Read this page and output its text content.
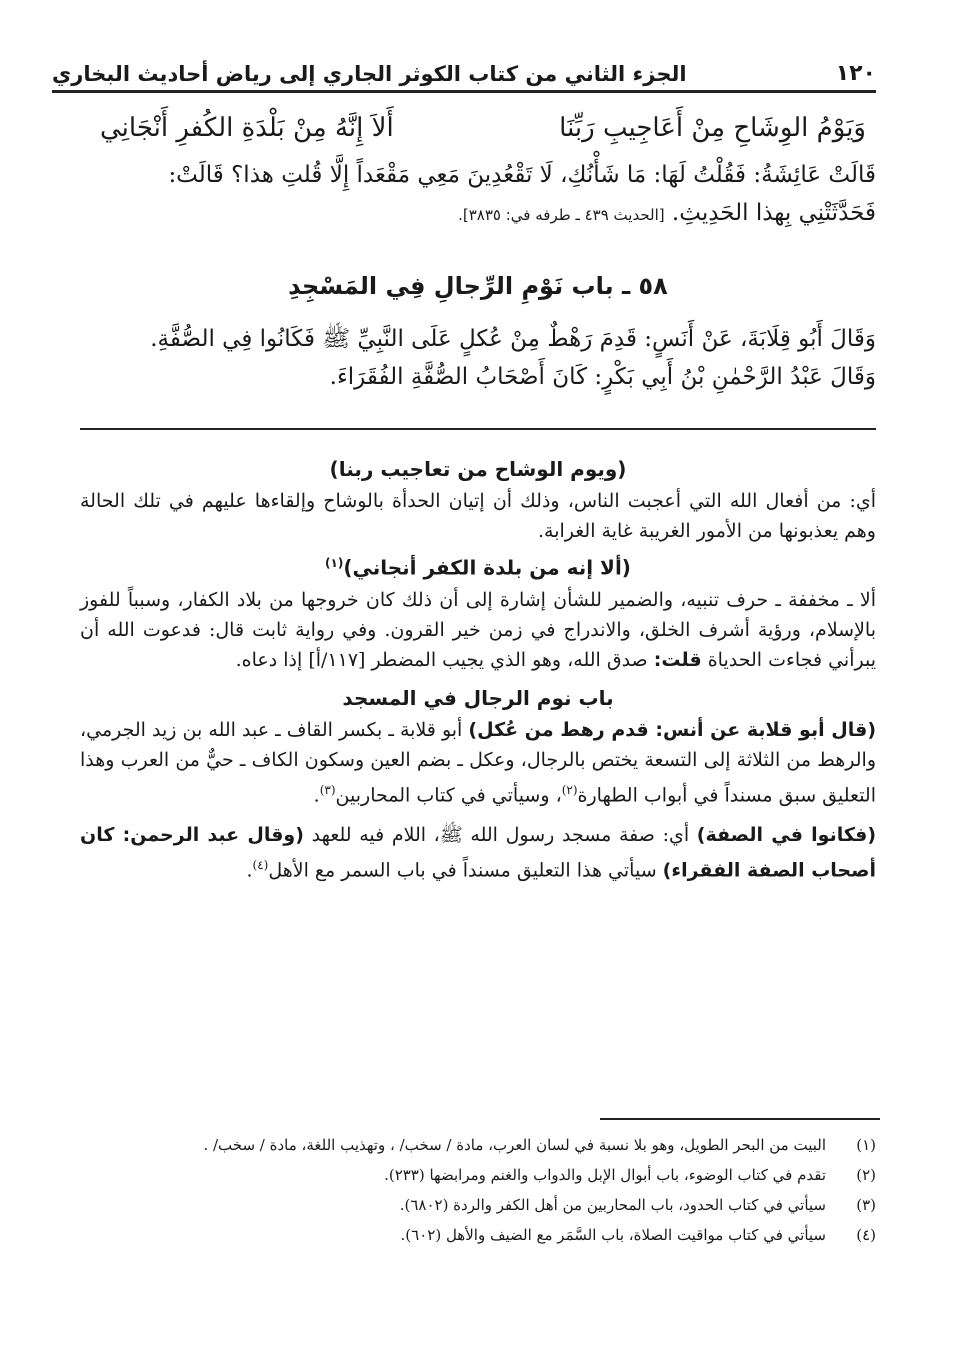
١٢٠
الجزء الثاني من كتاب الكوثر الجاري إلى رياض أحاديث البخاري
وَيَوْمُ الوِشَاحِ مِنْ أَعَاجِيبِ رَبِّنَا
أَلاَ إِنَّهُ مِنْ بَلْدَةِ الكُفرِ أَنْجَانِي

قَالَتْ عَائِشَةُ: فَقُلْتُ لَهَا: مَا شَأْنُكِ، لَا تَقْعُدِينَ مَعِي مَقْعَداً إِلَّا قُلتِ هذا؟ قَالَتْ:

فَحَدَّثَتْنِي بِهذا الحَدِيثِ. [الحديث ٤٣٩ ـ طرفه في: ٣٨٣٥].

٥٨ ـ باب نَوْمِ الرِّجالِ فِي المَسْجِدِ

وَقَالَ أَبُو قِلَابَةَ، عَنْ أَنَسٍ: قَدِمَ رَهْطٌ مِنْ عُكلٍ عَلَى النَّبِيِّ ﷺ فَكَانُوا فِي الصُّفَّةِ.

وَقَالَ عَبْدُ الرَّحْمٰنِ بْنُ أَبِي بَكْرٍ: كَانَ أَصْحَابُ الصُّفَّةِ الفُقَرَاءَ.

(ويوم الوشاح من تعاجيب ربنا)

أي: من أفعال الله التي أعجبت الناس، وذلك أن إتيان الحدأة بالوشاح وإلقاءها عليهم في تلك الحالة وهم يعذبونها من الأمور الغريبة غاية الغرابة.

(ألا إنه من بلدة الكفر أنجاني)$^{(١)}$

ألا ـ مخففة ـ حرف تنبيه، والضمير للشأن إشارة إلى أن ذلك كان خروجها من بلاد الكفار، وسبباً للفوز بالإسلام، ورؤية أشرف الخلق، والاندراج في زمن خير القرون. وفي رواية ثابت قال: فدعوت الله أن يبرأني فجاءت الحدياة قلت: صدق الله، وهو الذي يجيب المضطر [١١٧/أ] إذا دعاه.

باب نوم الرجال في المسجد

(قال أبو قلابة عن أنس: قدم رهط من عُكل) أبو قلابة ـ بكسر القاف ـ عبد الله بن زيد الجرمي، والرهط من الثلاثة إلى التسعة يختص بالرجال، وعكل ـ بضم العين وسكون الكاف ـ حيٌّ من العرب وهذا التعليق سبق مسنداً في أبواب الطهارة$^{(٢)}$، وسيأتي في كتاب المحاربين$^{(٣)}$.

(فكانوا في الصفة) أي: صفة مسجد رسول الله ﷺ، اللام فيه للعهد (وقال عبد الرحمن: كان أصحاب الصفة الفقراء) سيأتي هذا التعليق مسنداً في باب السمر مع الأهل$^{(٤)}$.

(١)
البيت من البحر الطويل، وهو بلا نسبة في لسان العرب، مادة / سخب/ ، وتهذيب اللغة، مادة / سخب/ .
(٢)
تقدم في كتاب الوضوء، باب أبوال الإبل والدواب والغنم ومرابضها (٢٣٣).
(٣)
سيأتي في كتاب الحدود، باب المحاربين من أهل الكفر والردة (٦٨٠٢).
(٤)
سيأتي في كتاب مواقيت الصلاة، باب السَّمَر مع الضيف والأهل (٦٠٢).
